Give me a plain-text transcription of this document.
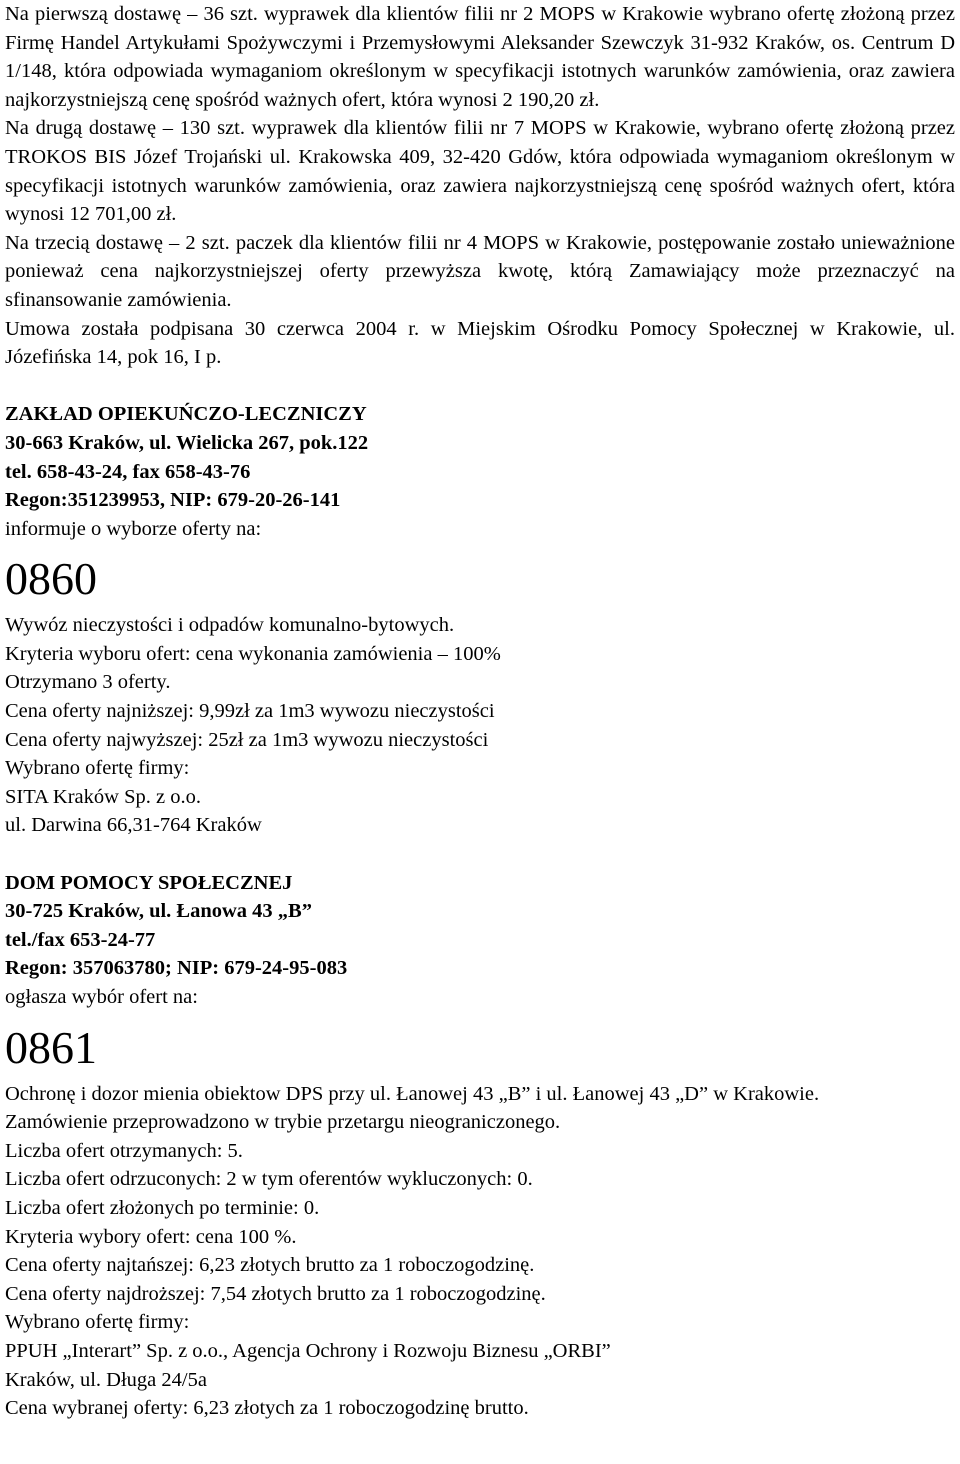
Na pierwszą dostawę – 36 szt. wyprawek dla klientów filii nr 2 MOPS w Krakowie wybrano ofertę złożoną przez Firmę Handel Artykułami Spożywczymi i Przemysłowymi Aleksander Szewczyk 31-932 Kraków, os. Centrum D 1/148, która odpowiada wymaganiom określonym w specyfikacji istotnych warunków zamówienia, oraz zawiera najkorzystniejszą cenę spośród ważnych ofert, która wynosi 2 190,20 zł.

Na drugą dostawę – 130 szt. wyprawek dla klientów filii nr 7 MOPS w Krakowie, wybrano ofertę złożoną przez TROKOS BIS Józef Trojański ul. Krakowska 409, 32-420 Gdów, która odpowiada wymaganiom określonym w specyfikacji istotnych warunków zamówienia, oraz zawiera najkorzystniejszą cenę spośród ważnych ofert, która wynosi 12 701,00 zł.

Na trzecią dostawę – 2 szt. paczek dla klientów filii nr 4 MOPS w Krakowie, postępowanie zostało unieważnione ponieważ cena najkorzystniejszej oferty przewyższa kwotę, którą Zamawiający może przeznaczyć na sfinansowanie zamówienia.

Umowa została podpisana 30 czerwca 2004 r. w Miejskim Ośrodku Pomocy Społecznej w Krakowie, ul. Józefińska 14, pok 16, I p.

ZAKŁAD OPIEKUŃCZO-LECZNICZY

30-663 Kraków, ul. Wielicka 267, pok.122

tel. 658-43-24, fax 658-43-76

Regon:351239953, NIP: 679-20-26-141

informuje o wyborze oferty na:

0860

Wywóz nieczystości i odpadów komunalno-bytowych.

Kryteria wyboru ofert: cena wykonania zamówienia – 100%

Otrzymano 3 oferty.

Cena oferty najniższej: 9,99zł za 1m3 wywozu nieczystości

Cena oferty najwyższej: 25zł za 1m3 wywozu nieczystości

Wybrano ofertę firmy:

SITA Kraków Sp. z o.o.

ul. Darwina 66,31-764 Kraków

DOM POMOCY SPOŁECZNEJ

30-725 Kraków, ul. Łanowa 43 „B”

tel./fax 653-24-77

Regon: 357063780; NIP: 679-24-95-083

ogłasza wybór ofert na:

0861

Ochronę i dozor mienia obiektow DPS przy ul. Łanowej 43 „B” i ul. Łanowej 43 „D” w Krakowie.

Zamówienie przeprowadzono w trybie przetargu nieograniczonego.

Liczba ofert otrzymanych: 5.

Liczba ofert odrzuconych: 2 w tym oferentów wykluczonych: 0.

Liczba ofert złożonych po terminie: 0.

Kryteria wybory ofert: cena 100 %.

Cena oferty najtańszej: 6,23 złotych brutto za 1 roboczogodzinę.

Cena oferty najdroższej: 7,54 złotych brutto za 1 roboczogodzinę.

Wybrano ofertę firmy:

PPUH „Interart” Sp. z o.o., Agencja Ochrony i Rozwoju Biznesu „ORBI”

Kraków, ul. Długa 24/5a

Cena wybranej oferty: 6,23 złotych za 1 roboczogodzinę brutto.
